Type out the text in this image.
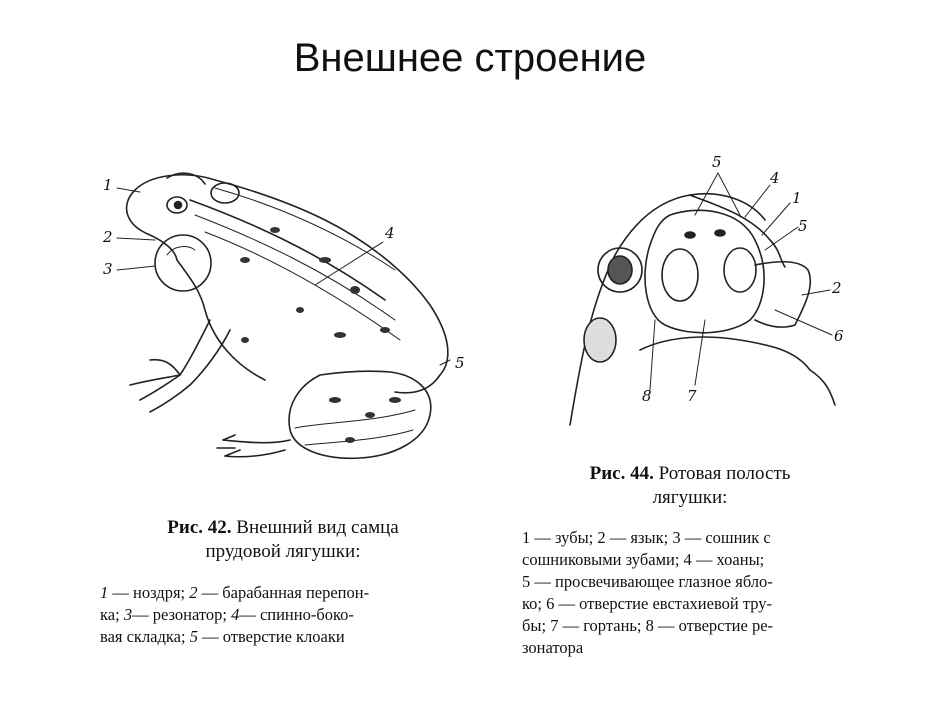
Внешнее строение
1
2
3
4
5
5
4
1
5
2
6
7
8
Рис. 42. Внешний вид самца
прудовой лягушки:
1 — ноздря; 2 — барабанная перепон-
ка; 3— резонатор; 4— спинно-боко-
вая складка; 5 — отверстие клоаки
Рис. 44. Ротовая полость
лягушки:
1 — зубы; 2 — язык; 3 — сошник с
сошниковыми зубами; 4 — хоаны;
5 — просвечивающее глазное ябло-
ко; 6 — отверстие евстахиевой тру-
бы; 7 — гортань; 8 — отверстие ре-
зонатора
